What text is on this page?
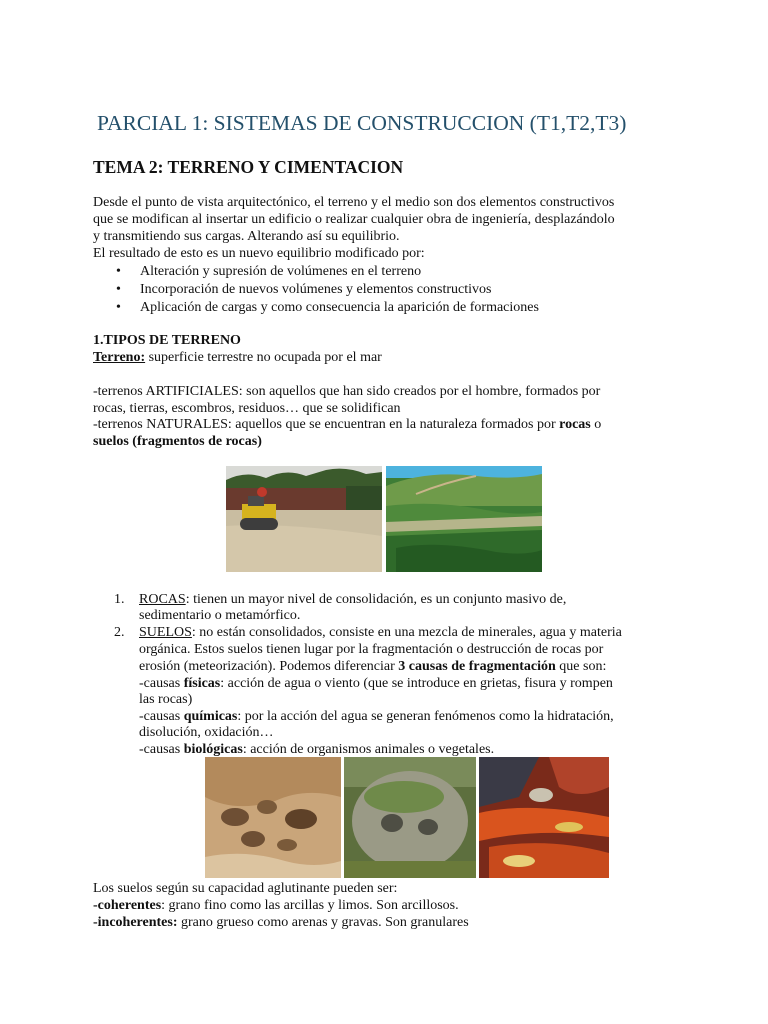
PARCIAL 1: SISTEMAS DE CONSTRUCCION (T1,T2,T3)
TEMA 2: TERRENO Y CIMENTACION
Desde el punto de vista arquitectónico, el terreno y el medio son dos elementos constructivos
que se modifican al insertar un edificio o realizar cualquier obra de ingeniería, desplazándolo
y transmitiendo sus cargas. Alterando así su equilibrio.
El resultado de esto es un nuevo equilibrio modificado por:
• Alteración y supresión de volúmenes en el terreno
• Incorporación de nuevos volúmenes y elementos constructivos
• Aplicación de cargas y como consecuencia la aparición de formaciones
1.TIPOS DE TERRENO
Terreno: superficie terrestre no ocupada por el mar
-terrenos ARTIFICIALES: son aquellos que han sido creados por el hombre, formados por
rocas, tierras, escombros, residuos… que se solidifican
-terrenos NATURALES: aquellos que se encuentran en la naturaleza formados por rocas o
suelos (fragmentos de rocas)
1. ROCAS: tienen un mayor nivel de consolidación, es un conjunto masivo de,
sedimentario o metamórfico.
2. SUELOS: no están consolidados, consiste en una mezcla de minerales, agua y materia
orgánica. Estos suelos tienen lugar por la fragmentación o destrucción de rocas por
erosión (meteorización). Podemos diferenciar 3 causas de fragmentación que son:
-causas físicas: acción de agua o viento (que se introduce en grietas, fisura y rompen
las rocas)
-causas químicas: por la acción del agua se generan fenómenos como la hidratación,
disolución, oxidación…
-causas biológicas: acción de organismos animales o vegetales.
Los suelos según su capacidad aglutinante pueden ser:
-coherentes: grano fino como las arcillas y limos. Son arcillosos.
-incoherentes: grano grueso como arenas y gravas. Son granulares
